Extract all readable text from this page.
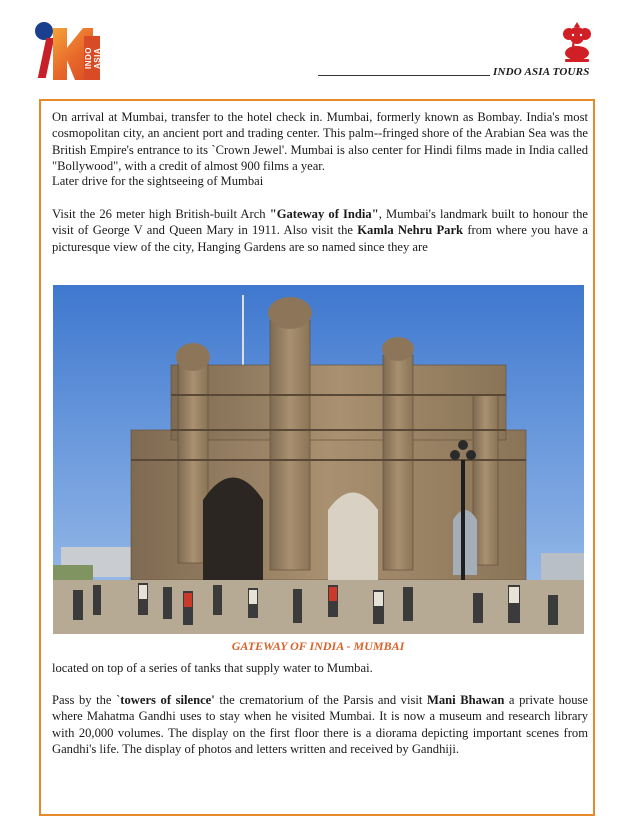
INDO ASIA
INDO ASIA TOURS

On arrival at Mumbai, transfer to the hotel check in. Mumbai, formerly known as Bombay. India's most cosmopolitan city, an ancient port and trading center. This palm--fringed shore of the Arabian Sea was the British Empire's entrance to its `Crown Jewel'. Mumbai is also center for Hindi films made in India called "Bollywood", with a credit of almost 900 films a year.

Later drive for the sightseeing of Mumbai

Visit the 26 meter high British-built Arch "Gateway of India", Mumbai's landmark built to honour the visit of George V and Queen Mary in 1911. Also visit the Kamla Nehru Park from where you have a picturesque view of the city, Hanging Gardens are so named since they are

GATEWAY OF INDIA - MUMBAI

located on top of a series of tanks that supply water to Mumbai.

Pass by the `towers of silence' the crematorium of the Parsis and visit Mani Bhawan a private house where Mahatma Gandhi uses to stay when he visited Mumbai. It is now a museum and research library with 20,000 volumes. The display on the first floor there is a diorama depicting important scenes from Gandhi's life. The display of photos and letters written and received by Gandhiji.
